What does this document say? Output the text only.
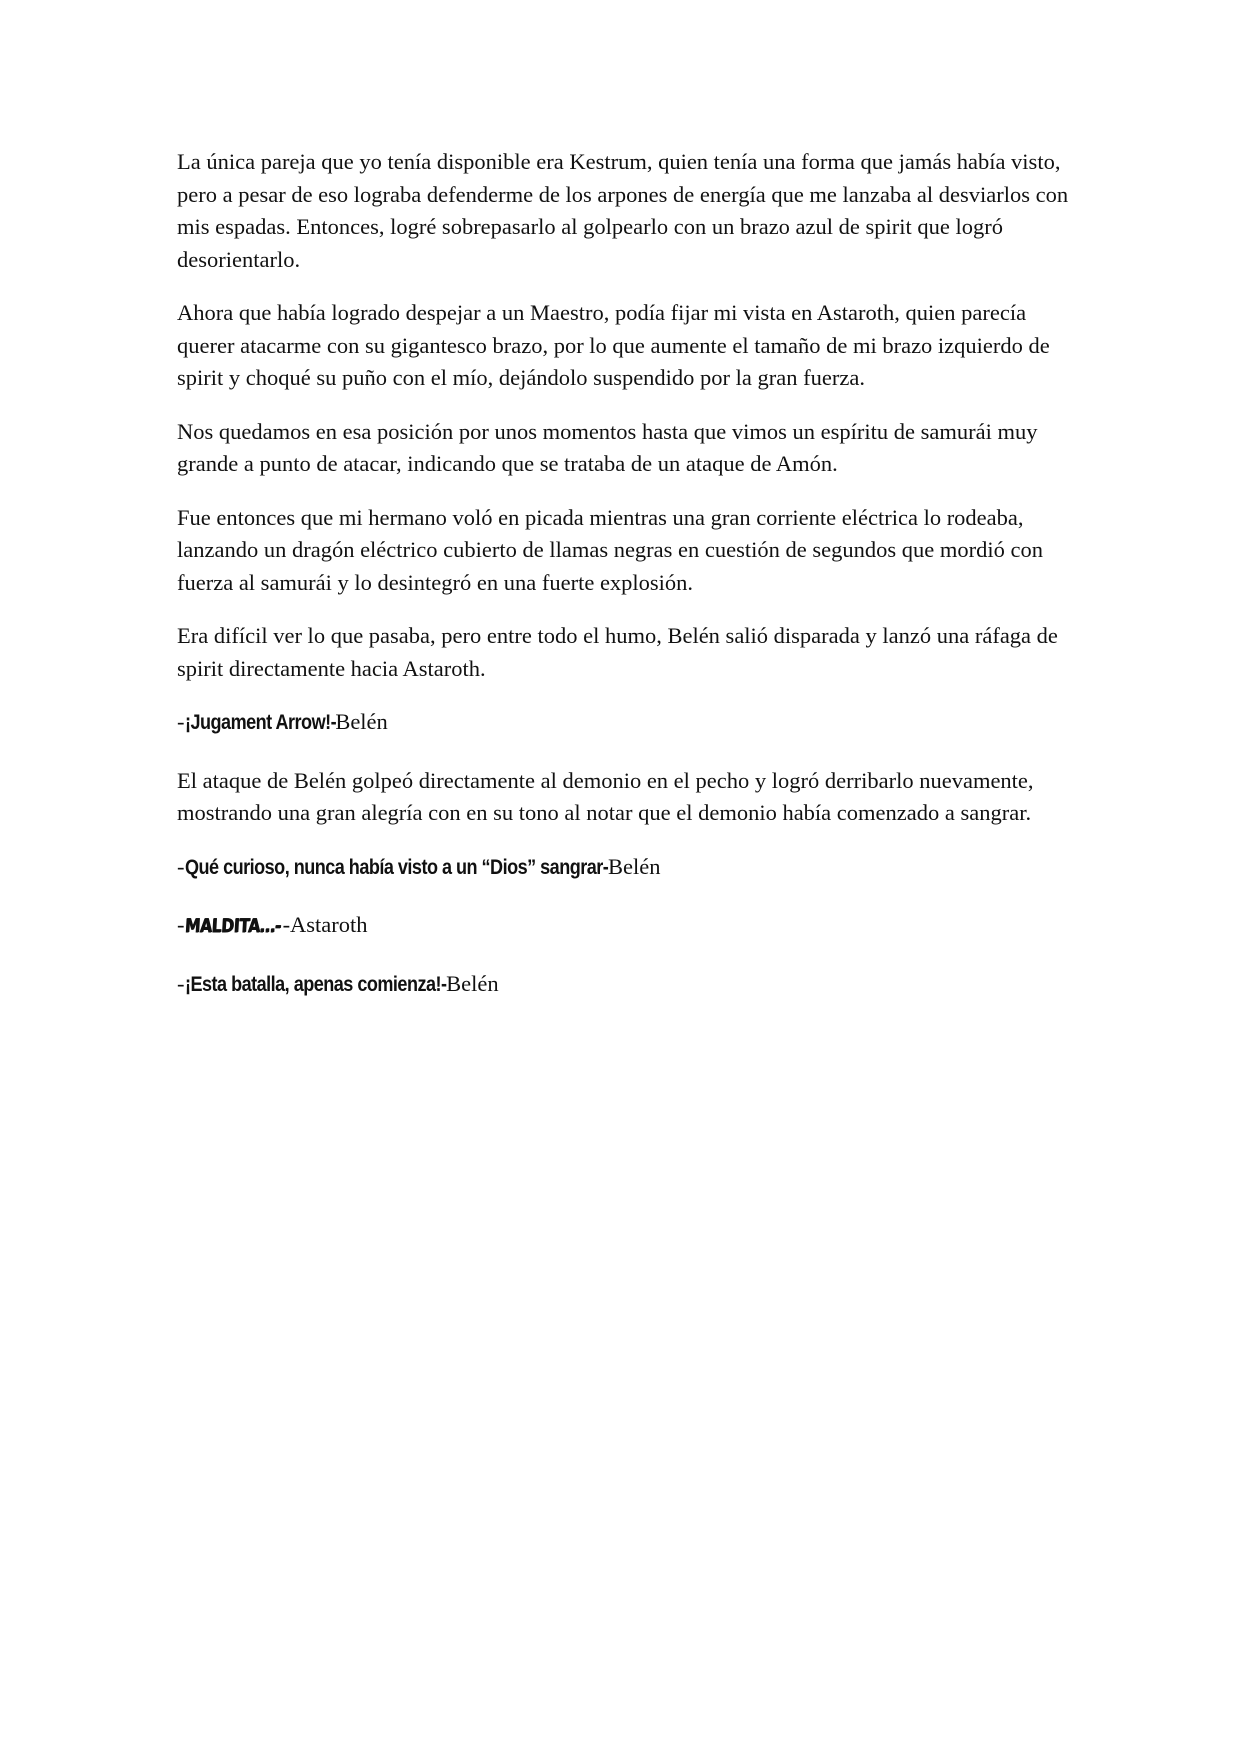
La única pareja que yo tenía disponible era Kestrum, quien tenía una forma que jamás había visto, pero a pesar de eso lograba defenderme de los arpones de energía que me lanzaba al desviarlos con mis espadas. Entonces, logré sobrepasarlo al golpearlo con un brazo azul de spirit que logró desorientarlo.

Ahora que había logrado despejar a un Maestro, podía fijar mi vista en Astaroth, quien parecía querer atacarme con su gigantesco brazo, por lo que aumente el tamaño de mi brazo izquierdo de spirit y choqué su puño con el mío, dejándolo suspendido por la gran fuerza.

Nos quedamos en esa posición por unos momentos hasta que vimos un espíritu de samurái muy grande a punto de atacar, indicando que se trataba de un ataque de Amón.

Fue entonces que mi hermano voló en picada mientras una gran corriente eléctrica lo rodeaba, lanzando un dragón eléctrico cubierto de llamas negras en cuestión de segundos que mordió con fuerza al samurái y lo desintegró en una fuerte explosión.

Era difícil ver lo que pasaba, pero entre todo el humo, Belén salió disparada y lanzó una ráfaga de spirit directamente hacia Astaroth.

-¡Jugament Arrow!-Belén

El ataque de Belén golpeó directamente al demonio en el pecho y logró derribarlo nuevamente, mostrando una gran alegría con en su tono al notar que el demonio había comenzado a sangrar.

-Qué curioso, nunca había visto a un “Dios” sangrar-Belén

-MALDITA…--Astaroth

-¡Esta batalla, apenas comienza!-Belén
